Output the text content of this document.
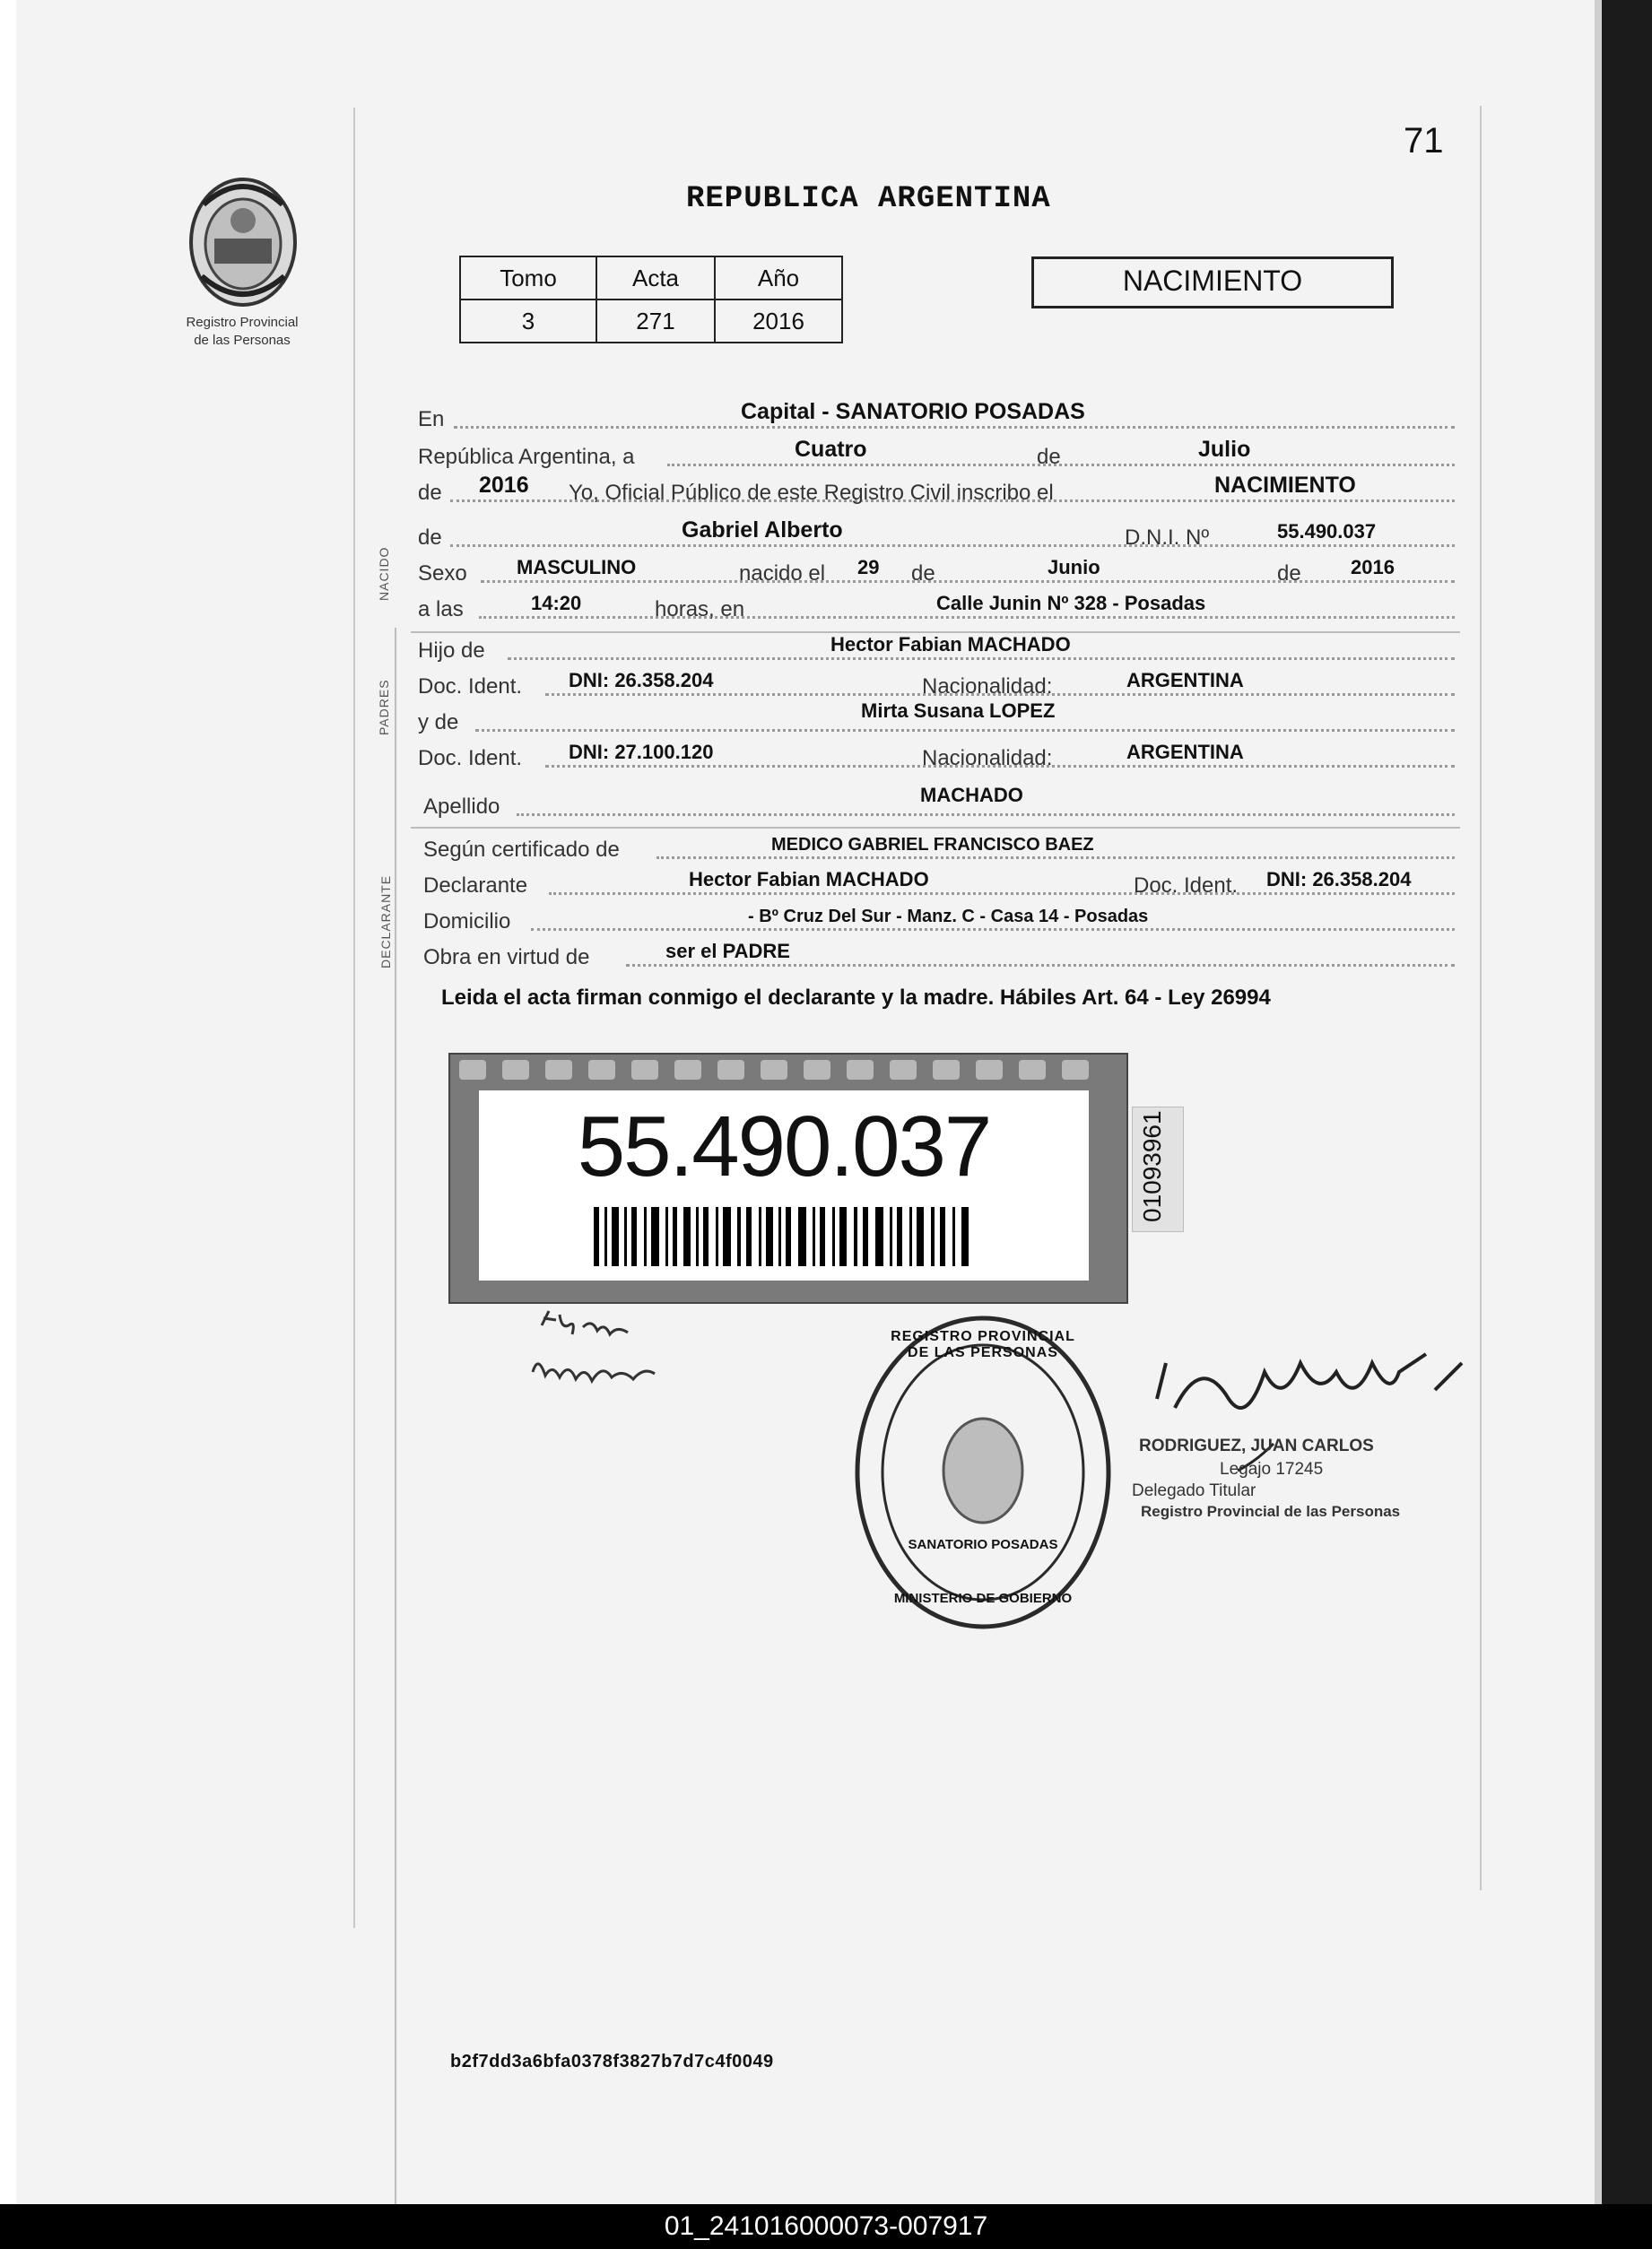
Registro Provincial
de las Personas
71
REPUBLICA ARGENTINA
Tomo	Acta	Año
3	271	2016
NACIMIENTO
En	Capital - SANATORIO POSADAS
República Argentina, a	Cuatro	de	Julio
de 2016 Yo, Oficial Público de este Registro Civil inscribo el	NACIMIENTO
NACIDO
de	Gabriel Alberto	D.N.I. Nº	55.490.037
Sexo	MASCULINO	nacido el 29 de	Junio	de	2016
a las	14:20	horas, en	Calle Junin Nº 328 - Posadas
PADRES
Hijo de	Hector Fabian MACHADO
Doc. Ident. DNI: 26.358.204	Nacionalidad:	ARGENTINA
y de	Mirta Susana LOPEZ
Doc. Ident. DNI: 27.100.120	Nacionalidad:	ARGENTINA
Apellido	MACHADO
DECLARANTE
Según certificado de	MEDICO GABRIEL FRANCISCO BAEZ
Declarante	Hector Fabian MACHADO	Doc. Ident. DNI: 26.358.204
Domicilio	- Bº Cruz Del Sur - Manz. C - Casa 14 - Posadas
Obra en virtud de	ser el PADRE
Leida el acta firman conmigo el declarante y la madre. Hábiles Art. 64 - Ley 26994
55.490.037	01093961
REGISTRO PROVINCIAL DE LAS PERSONAS
SANATORIO POSADAS
MINISTERIO DE GOBIERNO
RODRIGUEZ, JUAN CARLOS
Legajo 17245
Delegado Titular
Registro Provincial de las Personas
b2f7dd3a6bfa0378f3827b7d7c4f0049
01_241016000073-007917
